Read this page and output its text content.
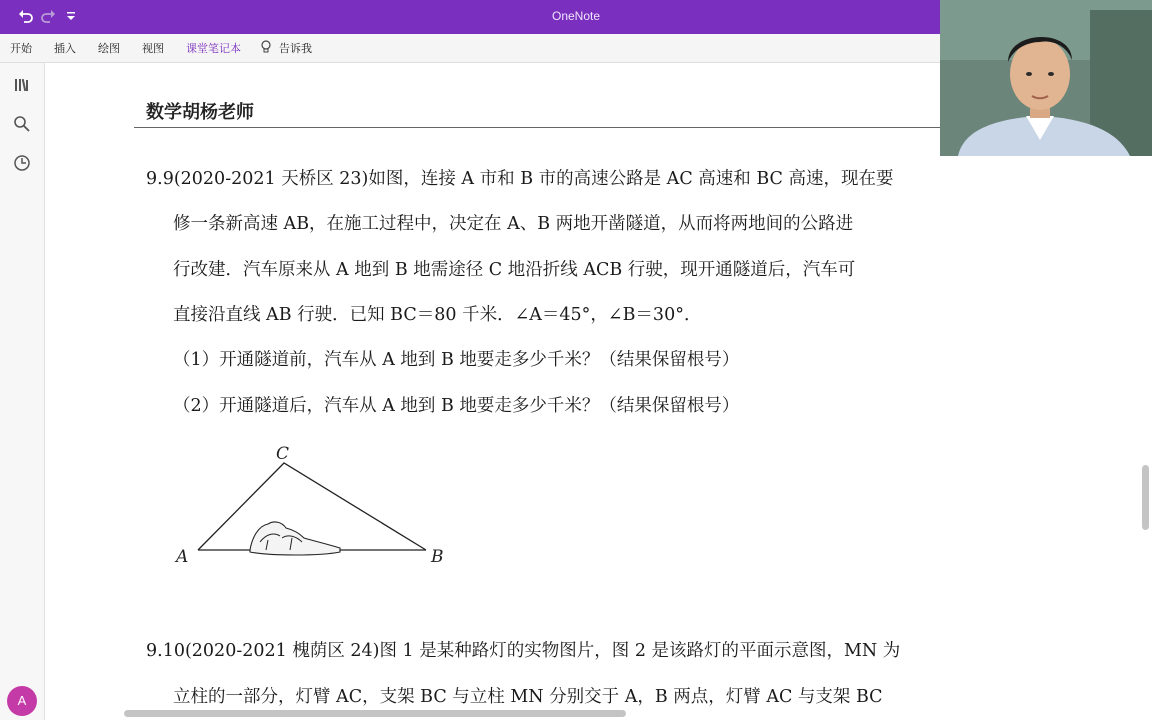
OneNote
开始 插入 绘图 视图 课堂笔记本	告诉我
A
数学胡杨老师
9.9(2020-2021 天桥区 23)如图，连接 A 市和 B 市的高速公路是 AC 高速和 BC 高速，现在要
修一条新高速 AB，在施工过程中，决定在 A、B 两地开凿隧道，从而将两地间的公路进
行改建．汽车原来从 A 地到 B 地需途径 C 地沿折线 ACB 行驶，现开通隧道后，汽车可
直接沿直线 AB 行驶．已知 BC＝80 千米．∠A＝45°，∠B＝30°．
（1）开通隧道前，汽车从 A 地到 B 地要走多少千米？（结果保留根号）
（2）开通隧道后，汽车从 A 地到 B 地要走多少千米？（结果保留根号）
C
A	B
9.10(2020-2021 槐荫区 24)图 1 是某种路灯的实物图片，图 2 是该路灯的平面示意图，MN 为
立柱的一部分，灯臂 AC，支架 BC 与立柱 MN 分别交于 A，B 两点，灯臂 AC 与支架 BC
